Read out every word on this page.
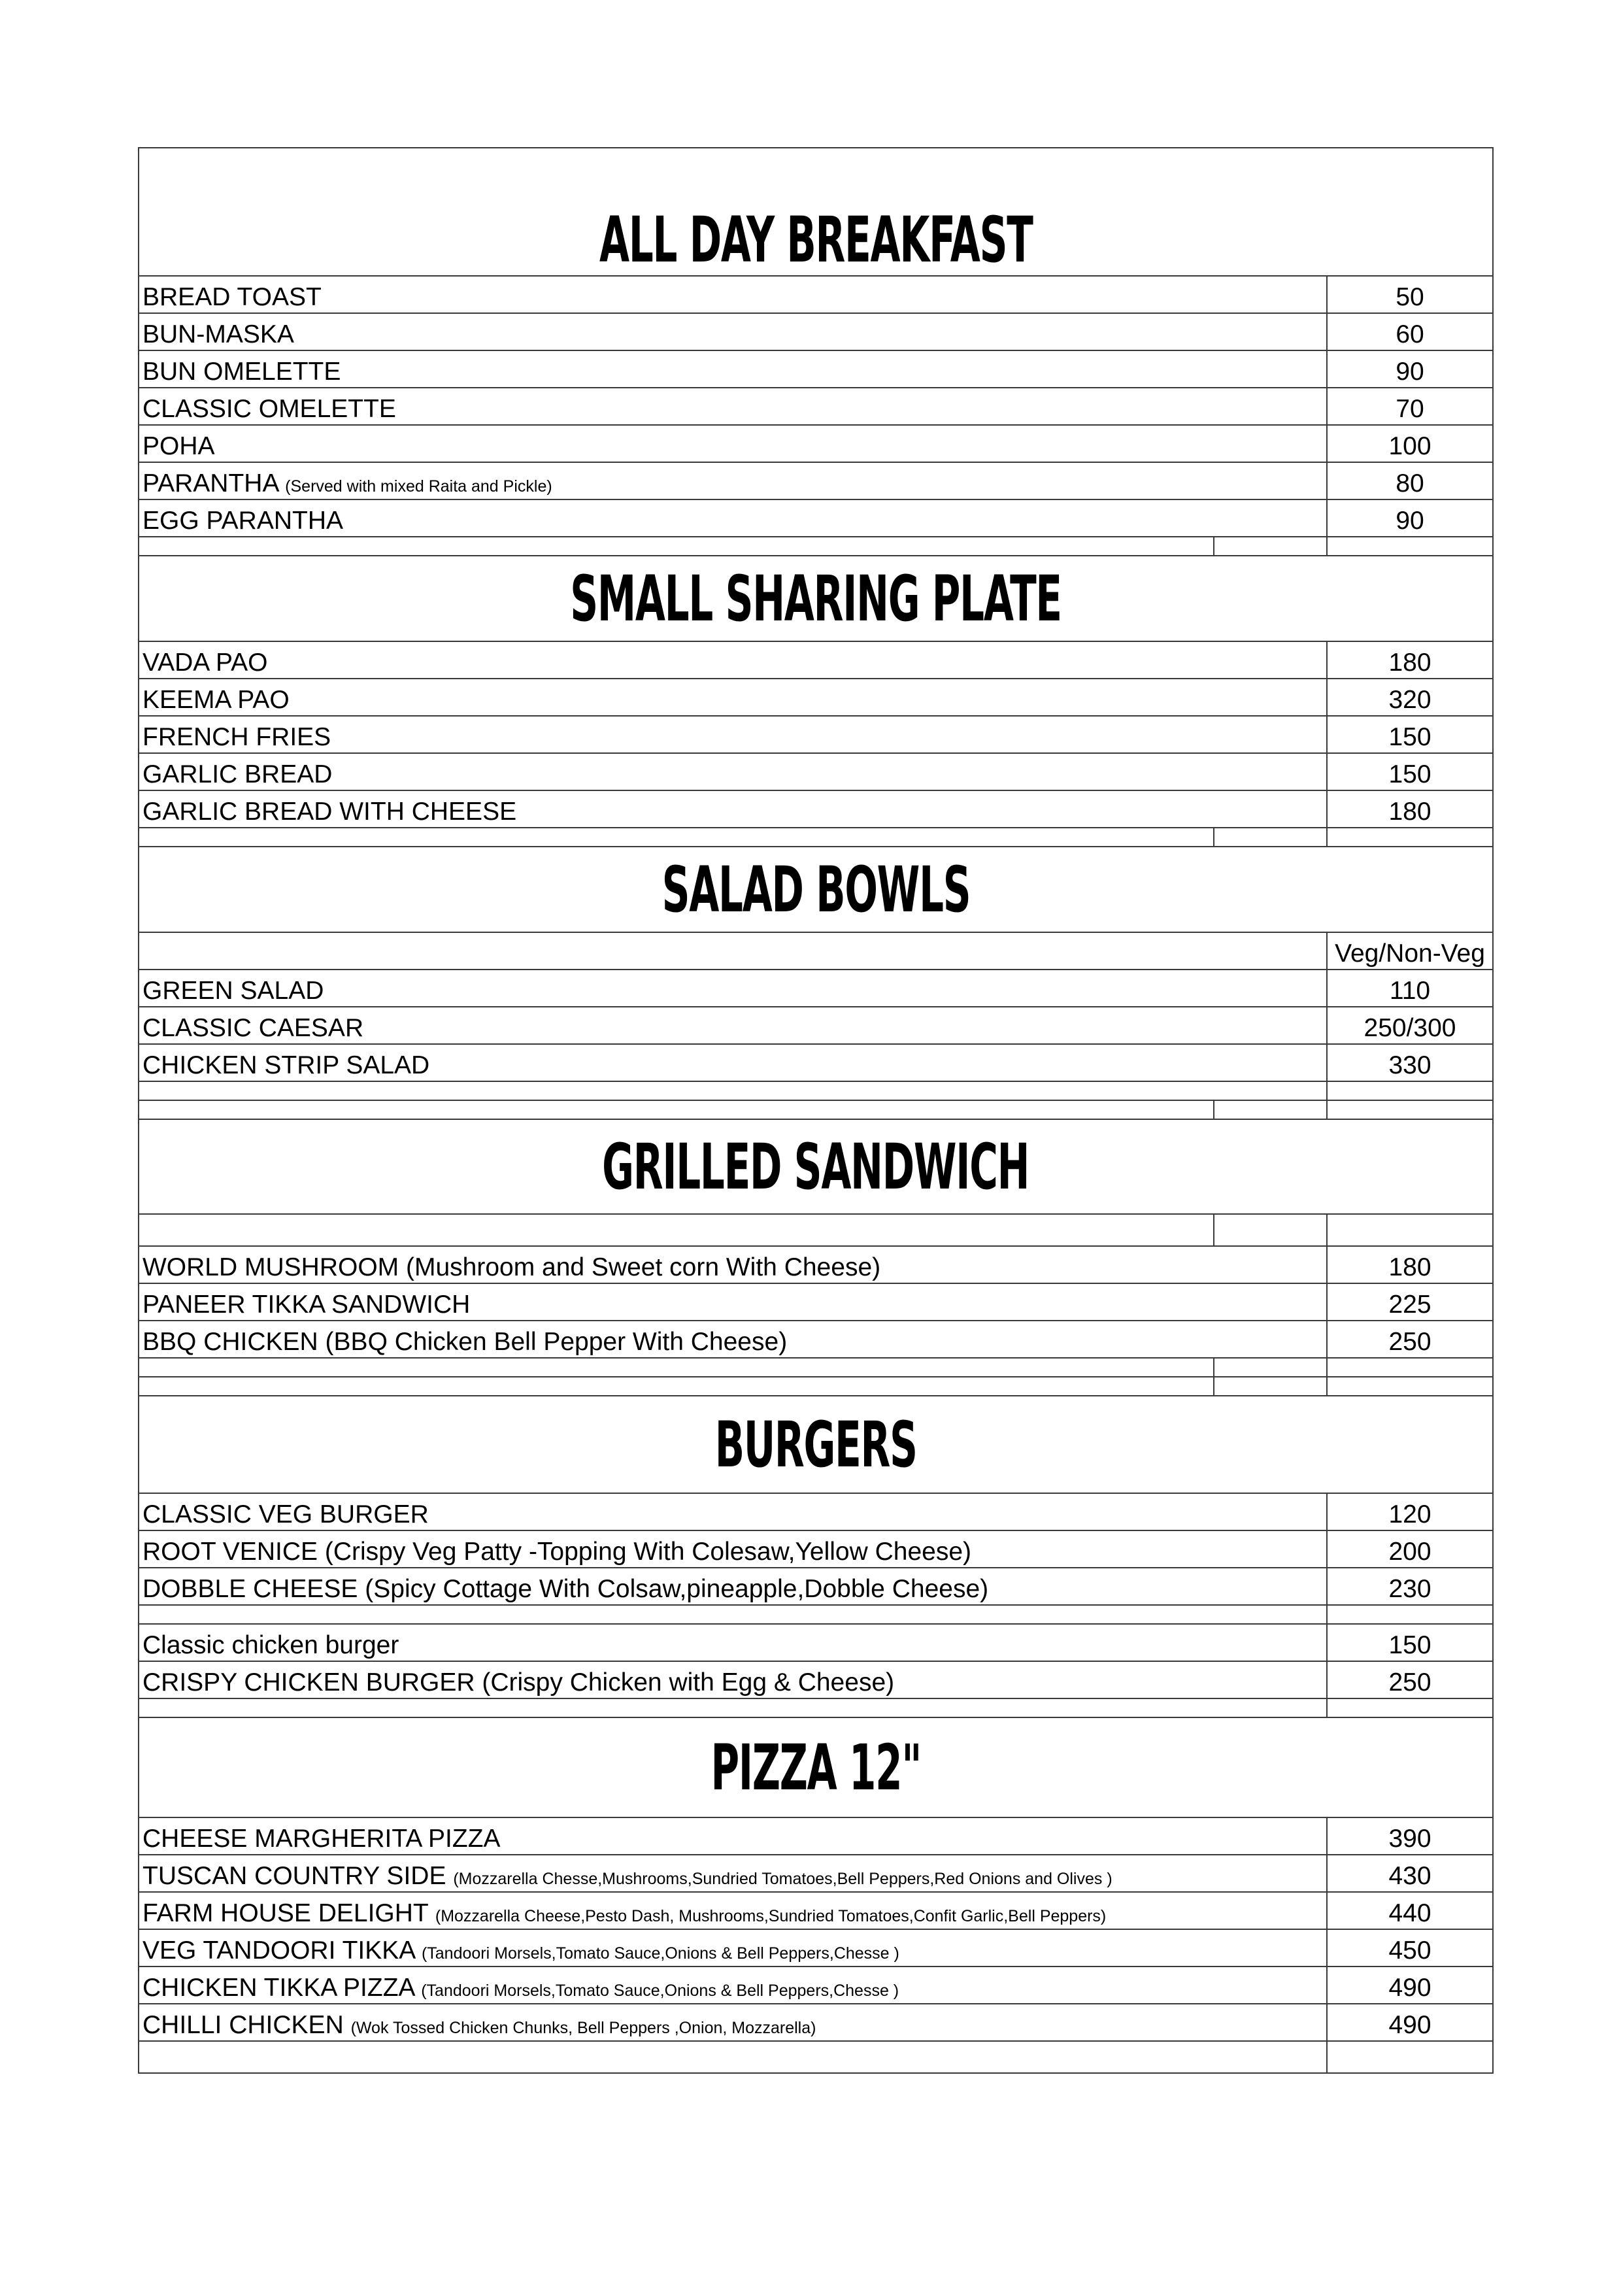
ALL DAY BREAKFAST		
BREAD TOAST		50
BUN-MASKA		60
BUN OMELETTE		90
CLASSIC OMELETTE		70
POHA		100
PARANTHA (Served with mixed Raita and Pickle)		80
EGG PARANTHA		90

SMALL SHARING PLATE		
VADA PAO		180
KEEMA PAO		320
FRENCH FRIES		150
GARLIC BREAD		150
GARLIC BREAD WITH CHEESE		180

SALAD BOWLS		
		Veg/Non-Veg
GREEN SALAD		110
CLASSIC CAESAR		250/300
CHICKEN STRIP SALAD		330

GRILLED SANDWICH		

WORLD MUSHROOM (Mushroom and Sweet corn With Cheese)		180
PANEER TIKKA SANDWICH		225
BBQ CHICKEN (BBQ Chicken Bell Pepper With Cheese)		250

BURGERS		
CLASSIC VEG BURGER		120
ROOT VENICE (Crispy Veg Patty -Topping With Colesaw,Yellow Cheese)		200
DOBBLE CHEESE (Spicy Cottage With Colsaw,pineapple,Dobble Cheese)		230

Classic chicken burger		150
CRISPY CHICKEN BURGER (Crispy Chicken with Egg & Cheese)		250

PIZZA 12"		
CHEESE MARGHERITA PIZZA		390
TUSCAN COUNTRY SIDE (Mozzarella Chesse,Mushrooms,Sundried Tomatoes,Bell Peppers,Red Onions and Olives )		430
FARM HOUSE DELIGHT (Mozzarella Cheese,Pesto Dash, Mushrooms,Sundried Tomatoes,Confit Garlic,Bell Peppers)		440
VEG TANDOORI TIKKA (Tandoori Morsels,Tomato Sauce,Onions & Bell Peppers,Chesse )		450
CHICKEN TIKKA PIZZA (Tandoori Morsels,Tomato Sauce,Onions & Bell Peppers,Chesse )		490
CHILLI CHICKEN (Wok Tossed Chicken Chunks, Bell Peppers ,Onion, Mozzarella)		490
